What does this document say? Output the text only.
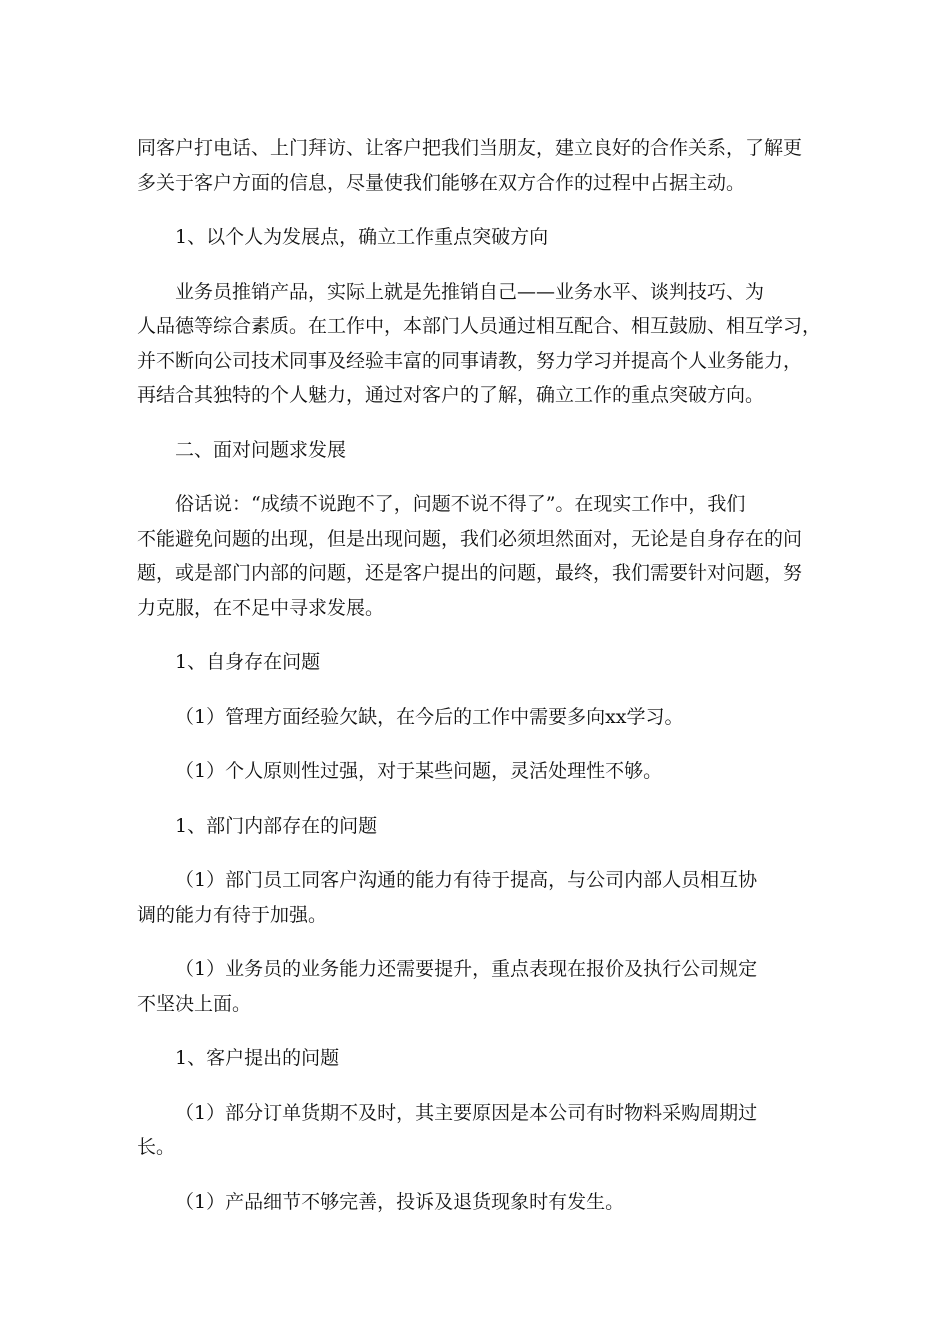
同客户打电话、上门拜访、让客户把我们当朋友，建立良好的合作关系，了解更
多关于客户方面的信息，尽量使我们能够在双方合作的过程中占据主动。
1、以个人为发展点，确立工作重点突破方向
业务员推销产品，实际上就是先推销自己——业务水平、谈判技巧、为
人品德等综合素质。在工作中，本部门人员通过相互配合、相互鼓励、相互学习，
并不断向公司技术同事及经验丰富的同事请教，努力学习并提高个人业务能力，
再结合其独特的个人魅力，通过对客户的了解，确立工作的重点突破方向。
二、面对问题求发展
俗话说：“成绩不说跑不了，问题不说不得了”。在现实工作中，我们
不能避免问题的出现，但是出现问题，我们必须坦然面对，无论是自身存在的问
题，或是部门内部的问题，还是客户提出的问题，最终，我们需要针对问题，努
力克服，在不足中寻求发展。
1、自身存在问题
（1）管理方面经验欠缺，在今后的工作中需要多向xx学习。
（1）个人原则性过强，对于某些问题，灵活处理性不够。
1、部门内部存在的问题
（1）部门员工同客户沟通的能力有待于提高，与公司内部人员相互协
调的能力有待于加强。
（1）业务员的业务能力还需要提升，重点表现在报价及执行公司规定
不坚决上面。
1、客户提出的问题
（1）部分订单货期不及时，其主要原因是本公司有时物料采购周期过
长。
（1）产品细节不够完善，投诉及退货现象时有发生。
